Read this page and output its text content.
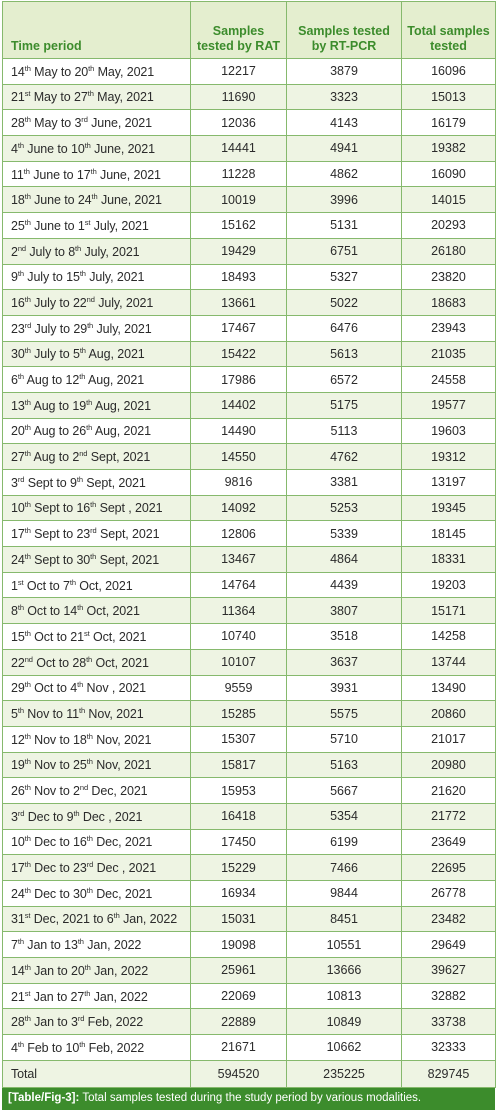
Time period	Samples tested by RAT	Samples tested by RT-PCR	Total samples tested
14th May to 20th May, 2021	12217	3879	16096
21st May to 27th May, 2021	11690	3323	15013
28th May to 3rd June, 2021	12036	4143	16179
4th June to 10th June, 2021	14441	4941	19382
11th June to 17th June, 2021	11228	4862	16090
18th June to 24th June, 2021	10019	3996	14015
25th June to 1st July, 2021	15162	5131	20293
2nd July to 8th July, 2021	19429	6751	26180
9th July to 15th July, 2021	18493	5327	23820
16th July to 22nd July, 2021	13661	5022	18683
23rd July to 29th July, 2021	17467	6476	23943
30th July to 5th Aug, 2021	15422	5613	21035
6th Aug to 12th Aug, 2021	17986	6572	24558
13th Aug to 19th Aug, 2021	14402	5175	19577
20th Aug to 26th Aug, 2021	14490	5113	19603
27th Aug to 2nd Sept, 2021	14550	4762	19312
3rd Sept to 9th Sept, 2021	9816	3381	13197
10th Sept to 16th Sept , 2021	14092	5253	19345
17th Sept to 23rd Sept, 2021	12806	5339	18145
24th Sept to 30th Sept, 2021	13467	4864	18331
1st Oct to 7th Oct, 2021	14764	4439	19203
8th Oct to 14th Oct, 2021	11364	3807	15171
15th Oct to 21st Oct, 2021	10740	3518	14258
22nd Oct to 28th Oct, 2021	10107	3637	13744
29th Oct to 4th Nov , 2021	9559	3931	13490
5th Nov to 11th Nov, 2021	15285	5575	20860
12th Nov to 18th Nov, 2021	15307	5710	21017
19th Nov to 25th Nov, 2021	15817	5163	20980
26th Nov to 2nd Dec, 2021	15953	5667	21620
3rd Dec to 9th Dec , 2021	16418	5354	21772
10th Dec to 16th Dec, 2021	17450	6199	23649
17th Dec to 23rd Dec , 2021	15229	7466	22695
24th Dec to 30th Dec, 2021	16934	9844	26778
31st Dec, 2021 to 6th Jan, 2022	15031	8451	23482
7th Jan to 13th Jan, 2022	19098	10551	29649
14th Jan to 20th Jan, 2022	25961	13666	39627
21st Jan to 27th Jan, 2022	22069	10813	32882
28th Jan to 3rd Feb, 2022	22889	10849	33738
4th Feb to 10th Feb, 2022	21671	10662	32333
Total	594520	235225	829745
[Table/Fig-3]: Total samples tested during the study period by various modalities.
